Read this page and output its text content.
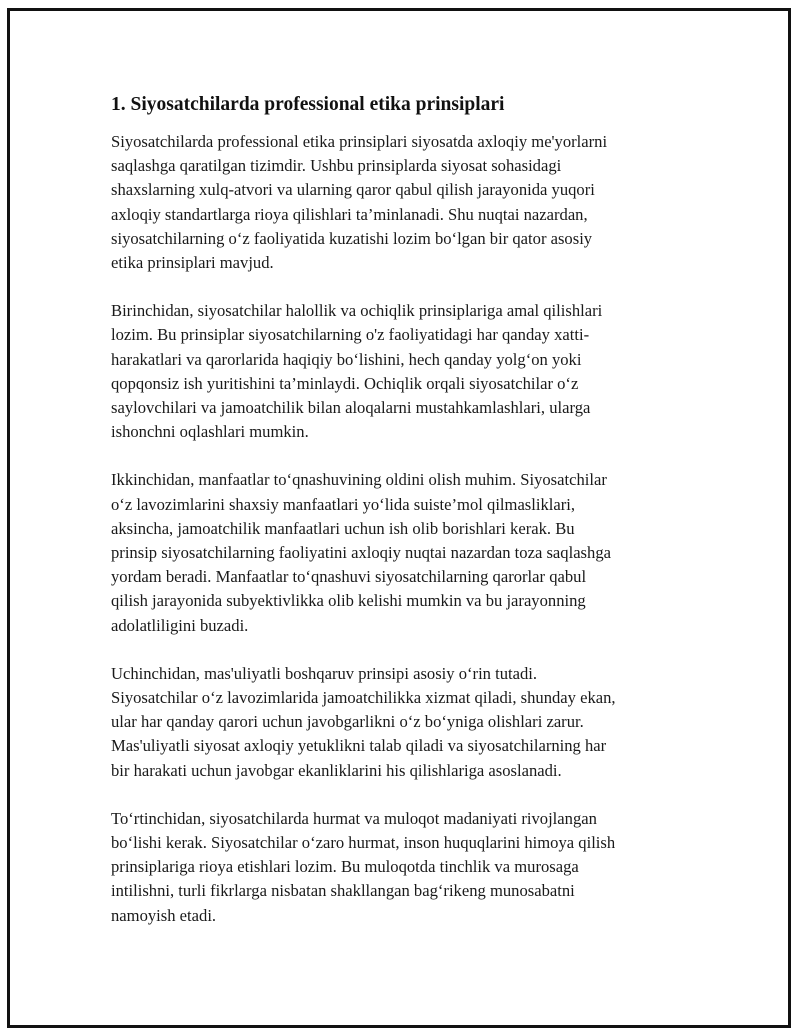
1. Siyosatchilarda professional etika prinsiplari

Siyosatchilarda professional etika prinsiplari siyosatda axloqiy me'yorlarni
saqlashga qaratilgan tizimdir. Ushbu prinsiplarda siyosat sohasidagi
shaxslarning xulq-atvori va ularning qaror qabul qilish jarayonida yuqori
axloqiy standartlarga rioya qilishlari ta’minlanadi. Shu nuqtai nazardan,
siyosatchilarning o‘z faoliyatida kuzatishi lozim bo‘lgan bir qator asosiy
etika prinsiplari mavjud.

Birinchidan, siyosatchilar halollik va ochiqlik prinsiplariga amal qilishlari
lozim. Bu prinsiplar siyosatchilarning o'z faoliyatidagi har qanday xatti-
harakatlari va qarorlarida haqiqiy bo‘lishini, hech qanday yolg‘on yoki
qopqonsiz ish yuritishini ta’minlaydi. Ochiqlik orqali siyosatchilar o‘z
saylovchilari va jamoatchilik bilan aloqalarni mustahkamlashlari, ularga
ishonchni oqlashlari mumkin.

Ikkinchidan, manfaatlar to‘qnashuvining oldini olish muhim. Siyosatchilar
o‘z lavozimlarini shaxsiy manfaatlari yo‘lida suiste’mol qilmasliklari,
aksincha, jamoatchilik manfaatlari uchun ish olib borishlari kerak. Bu
prinsip siyosatchilarning faoliyatini axloqiy nuqtai nazardan toza saqlashga
yordam beradi. Manfaatlar to‘qnashuvi siyosatchilarning qarorlar qabul
qilish jarayonida subyektivlikka olib kelishi mumkin va bu jarayonning
adolatliligini buzadi.

Uchinchidan, mas'uliyatli boshqaruv prinsipi asosiy o‘rin tutadi.
Siyosatchilar o‘z lavozimlarida jamoatchilikka xizmat qiladi, shunday ekan,
ular har qanday qarori uchun javobgarlikni o‘z bo‘yniga olishlari zarur.
Mas'uliyatli siyosat axloqiy yetuklikni talab qiladi va siyosatchilarning har
bir harakati uchun javobgar ekanliklarini his qilishlariga asoslanadi.

To‘rtinchidan, siyosatchilarda hurmat va muloqot madaniyati rivojlangan
bo‘lishi kerak. Siyosatchilar o‘zaro hurmat, inson huquqlarini himoya qilish
prinsiplariga rioya etishlari lozim. Bu muloqotda tinchlik va murosaga
intilishni, turli fikrlarga nisbatan shakllangan bag‘rikeng munosabatni
namoyish etadi.
